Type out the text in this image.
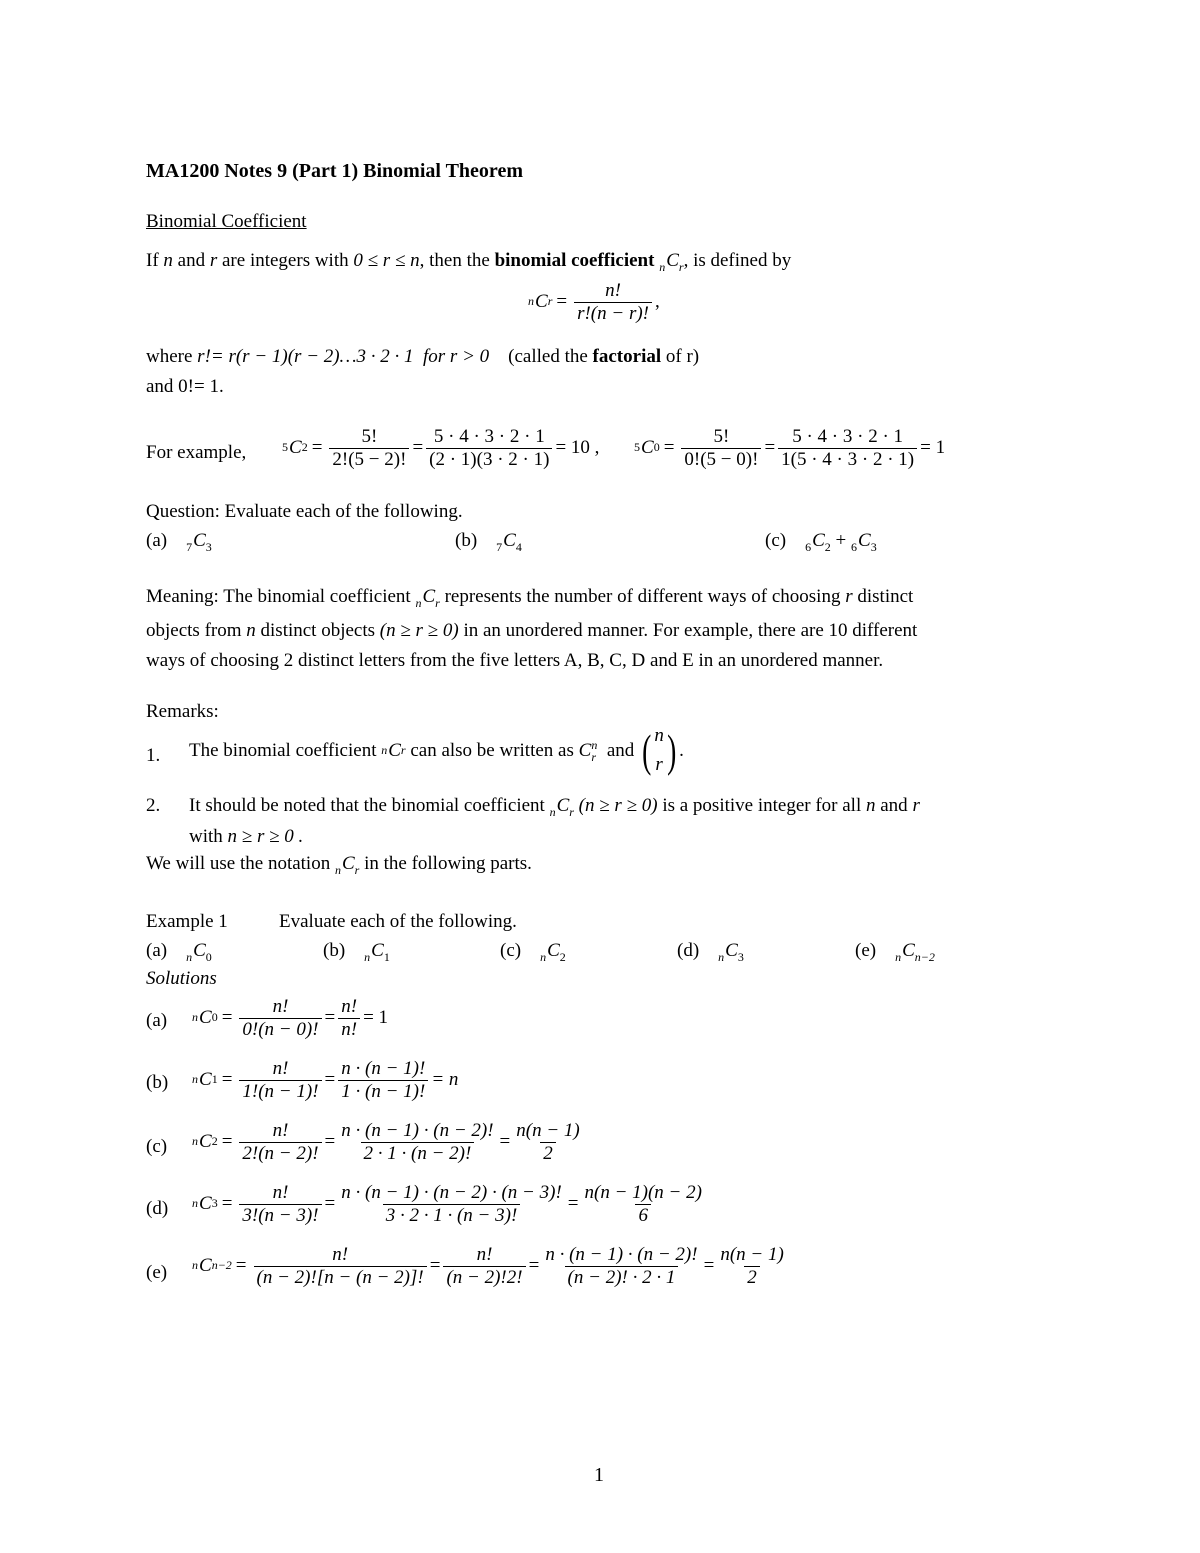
MA1200 Notes 9 (Part 1) Binomial Theorem
Binomial Coefficient
If n and r are integers with 0 ≤ r ≤ n, then the binomial coefficient $_nC_r$, is defined by
n C $r = \frac{n!}{r!(n - r)!}$ ,
where r!= r(r − 1)(r − 2)…3 · 2 · 1 for r > 0 (called the factorial of r)
and 0!= 1.
For example,	5 C $2 = \frac{5!}{2!(5 - 2)!} = \frac{5 \cdot 4 \cdot 3 \cdot 2 \cdot 1}{(2 \cdot 1)(3 \cdot 2 \cdot 1)} = 10$ ,	5 C $0 = \frac{5!}{0!(5 - 0)!} = \frac{5 \cdot 4 \cdot 3 \cdot 2 \cdot 1}{1(5 \cdot 4 \cdot 3 \cdot 2 \cdot 1)} = 1$
Question: Evaluate each of the following.
(a) $_7C_3$	(b) $_7C_4$	(c) $_6C_2 + _6C_3$
Meaning: The binomial coefficient $_nC_r$ represents the number of different ways of choosing r distinct
objects from n distinct objects (n ≥ r ≥ 0) in an unordered manner. For example, there are 10 different
ways of choosing 2 distinct letters from the five letters A, B, C, D and E in an unordered manner.
Remarks:
1. The binomial coefficient
n C r
can also be written as
C n
r
and
( n
r ) .
2. It should be noted that the binomial coefficient $_nC_r$ (n ≥ r ≥ 0) is a positive integer for all n and r
with n ≥ r ≥ 0 .
We will use the notation $_nC_r$ in the following parts.
Example 1	Evaluate each of the following.
(a) $_nC_0$	(b) $_nC_1$	(c) $_nC_2$	(d) $_nC_3$	(e) $_nC_{n-2}$
Solutions
(a) n C $0 = \frac{n!}{0!(n - 0)!} = \frac{n!}{n!} = 1$
(b) n C $1 = \frac{n!}{1!(n - 1)!} = \frac{n \cdot (n - 1)!}{1 \cdot (n - 1)!} = n$
(c) n C $2 = \frac{n!}{2!(n - 2)!} = \frac{n \cdot (n - 1) \cdot (n - 2)!}{2 \cdot 1 \cdot (n - 2)!} = \frac{n(n - 1)}{2}$
(d) n C $3 = \frac{n!}{3!(n - 3)!} = \frac{n \cdot (n - 1) \cdot (n - 2) \cdot (n - 3)!}{3 \cdot 2 \cdot 1 \cdot (n - 3)!} = \frac{n(n - 1)(n - 2)}{6}$
(e) n C $n-2 = \frac{n!}{(n - 2)![n - (n - 2)]!} = \frac{n!}{(n - 2)!2!} = \frac{n \cdot (n - 1) \cdot (n - 2)!}{(n - 2)! \cdot 2 \cdot 1} = \frac{n(n - 1)}{2}$
1
